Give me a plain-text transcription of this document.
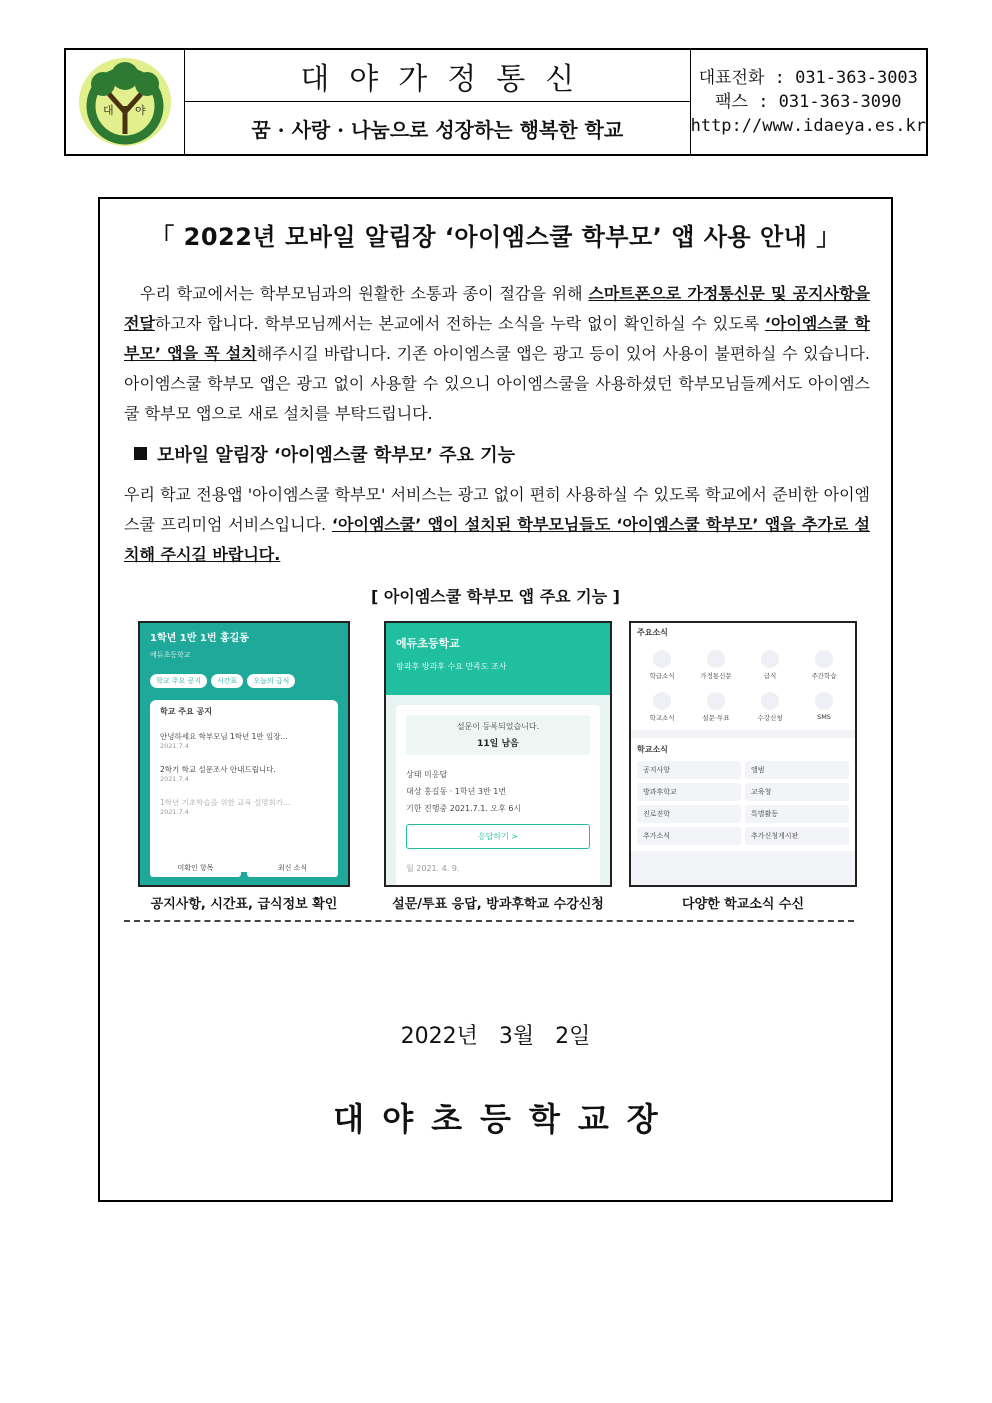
대 야
대야가정통신
꿈 · 사랑 · 나눔으로 성장하는 행복한 학교
대표전화 : 031-363-3003
팩스 : 031-363-3090
http://www.idaeya.es.kr
「 2022년 모바일 알림장 ‘아이엠스쿨 학부모’ 앱 사용 안내 」
우리 학교에서는 학부모님과의 원활한 소통과 종이 절감을 위해 스마트폰으로 가정통신문 및 공지사항을 전달하고자 합니다. 학부모님께서는 본교에서 전하는 소식을 누락 없이 확인하실 수 있도록 ‘아이엠스쿨 학부모’ 앱을 꼭 설치해주시길 바랍니다. 기존 아이엠스쿨 앱은 광고 등이 있어 사용이 불편하실 수 있습니다. 아이엠스쿨 학부모 앱은 광고 없이 사용할 수 있으니 아이엠스쿨을 사용하셨던 학부모님들께서도 아이엠스쿨 학부모 앱으로 새로 설치를 부탁드립니다.
모바일 알림장 ‘아이엠스쿨 학부모’ 주요 기능
우리 학교 전용앱 '아이엠스쿨 학부모' 서비스는 광고 없이 편히 사용하실 수 있도록 학교에서 준비한 아이엠스쿨 프리미엄 서비스입니다. ‘아이엠스쿨’ 앱이 설치된 학부모님들도 ‘아이엠스쿨 학부모’ 앱을 추가로 설치해 주시길 바랍니다.
[ 아이엠스쿨 학부모 앱 주요 기능 ]
1학년 1반 1번 홍길동
에듀초등학교
학교 주요 공지	시간표	오늘의 급식
학교 주요 공지
안녕하세요 학부모님 1학년 1반 임장...
2021.7.4
2학기 학교 설문조사 안내드립니다.
2021.7.4
1학년 기초학습을 위한 교육 설명회가...
2021.7.4
미확인 항목	최신 소식
에듀초등학교
방과후 방과후 수요 만족도 조사
설문이 등록되었습니다.
11일 남음
상태 미응답
대상 홍길동 · 1학년 3반 1번
기한 진행중 2021.7.1. 오후 6시
응답하기 >
월 2021. 4. 9.
주요소식
학급소식	가정통신문	급식	주간학습
학교소식	설문·투표	수강신청	SMS
학교소식
공지사항	앨범
방과후학교	교육청
진로진학	특별활동
추가소식	추가신청게시판
공지사항, 시간표, 급식정보 확인	설문/투표 응답, 방과후학교 수강신청	다양한 학교소식 수신
2022년 3월 2일
대야초등학교장
